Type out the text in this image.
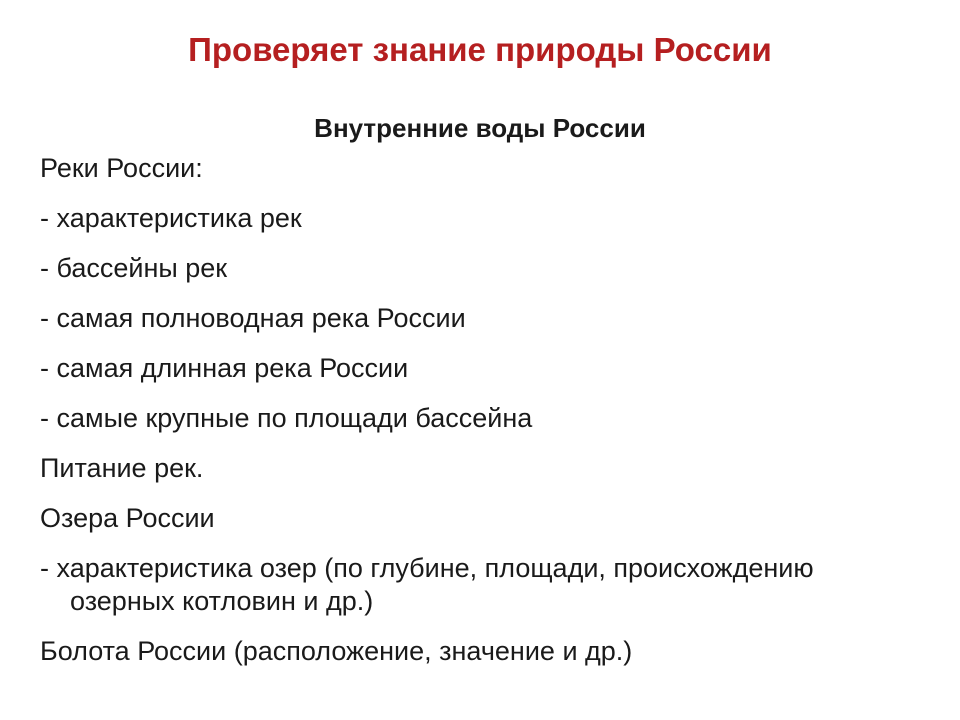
Проверяет знание природы России
Внутренние воды России
Реки России:
- характеристика рек
- бассейны рек
- самая полноводная река России
- самая длинная река России
- самые крупные по площади бассейна
Питание рек.
Озера России
- характеристика озер (по глубине, площади, происхождению озерных котловин и др.)
Болота России (расположение, значение и др.)
